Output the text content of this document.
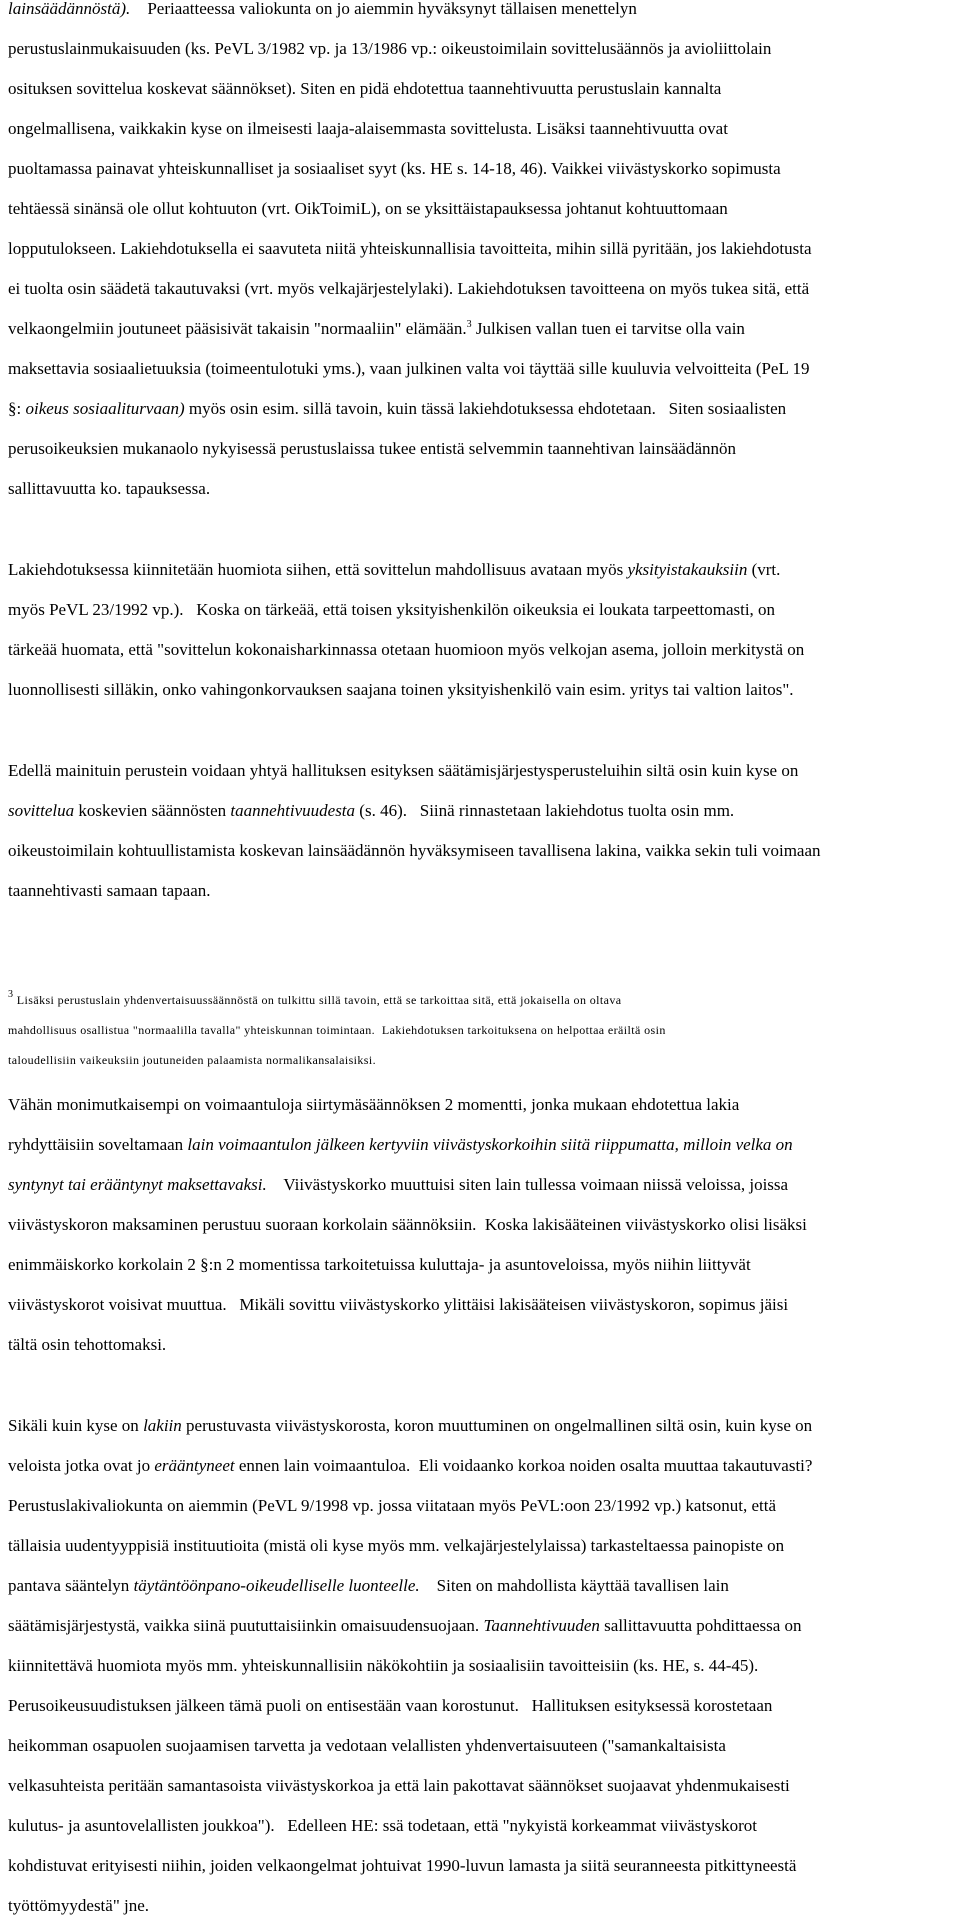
lainsäädännöstä).    Periaatteessa valiokunta on jo aiemmin hyväksynyt tällaisen menettelyn
perustuslainmukaisuuden (ks. PeVL 3/1982 vp. ja 13/1986 vp.: oikeustoimilain sovittelusäännös ja avioliittolain
osituksen sovittelua koskevat säännökset). Siten en pidä ehdotettua taannehtivuutta perustuslain kannalta
ongelmallisena, vaikkakin kyse on ilmeisesti laaja-alaisemmasta sovittelusta. Lisäksi taannehtivuutta ovat
puoltamassa painavat yhteiskunnalliset ja sosiaaliset syyt (ks. HE s. 14-18, 46). Vaikkei viivästyskorko sopimusta
tehtäessä sinänsä ole ollut kohtuuton (vrt. OikToimiL), on se yksittäistapauksessa johtanut kohtuuttomaan
lopputulokseen. Lakiehdotuksella ei saavuteta niitä yhteiskunnallisia tavoitteita, mihin sillä pyritään, jos lakiehdotusta
ei tuolta osin säädetä takautuvaksi (vrt. myös velkajärjestelylaki). Lakiehdotuksen tavoitteena on myös tukea sitä, että
velkaongelmiin joutuneet pääsisivät takaisin "normaaliin" elämään.$^3$ Julkisen vallan tuen ei tarvitse olla vain
maksettavia sosiaalietuuksia (toimeentulotuki yms.), vaan julkinen valta voi täyttää sille kuuluvia velvoitteita (PeL 19
§: oikeus sosiaaliturvaan) myös osin esim. sillä tavoin, kuin tässä lakiehdotuksessa ehdotetaan.   Siten sosiaalisten
perusoikeuksien mukanaolo nykyisessä perustuslaissa tukee entistä selvemmin taannehtivan lainsäädännön
sallittavuutta ko. tapauksessa.

Lakiehdotuksessa kiinnitetään huomiota siihen, että sovittelun mahdollisuus avataan myös yksityistakauksiin (vrt.
myös PeVL 23/1992 vp.).   Koska on tärkeää, että toisen yksityishenkilön oikeuksia ei loukata tarpeettomasti, on
tärkeää huomata, että "sovittelun kokonaisharkinnassa otetaan huomioon myös velkojan asema, jolloin merkitystä on
luonnollisesti silläkin, onko vahingonkorvauksen saajana toinen yksityishenkilö vain esim. yritys tai valtion laitos".

Edellä mainituin perustein voidaan yhtyä hallituksen esityksen säätämisjärjestysperusteluihin siltä osin kuin kyse on
sovittelua koskevien säännösten taannehtivuudesta (s. 46).   Siinä rinnastetaan lakiehdotus tuolta osin mm.
oikeustoimilain kohtuullistamista koskevan lainsäädännön hyväksymiseen tavallisena lakina, vaikka sekin tuli voimaan
taannehtivasti samaan tapaan.

$^3$ Lisäksi perustuslain yhdenvertaisuussäännöstä on tulkittu sillä tavoin, että se tarkoittaa sitä, että jokaisella on oltava
mahdollisuus osallistua "normaalilla tavalla" yhteiskunnan toimintaan.  Lakiehdotuksen tarkoituksena on helpottaa eräiltä osin
taloudellisiin vaikeuksiin joutuneiden palaamista normalikansalaisiksi.

Vähän monimutkaisempi on voimaantuloja siirtymäsäännöksen 2 momentti, jonka mukaan ehdotettua lakia
ryhdyttäisiin soveltamaan lain voimaantulon jälkeen kertyviin viivästyskorkoihin siitä riippumatta, milloin velka on
syntynyt tai erääntynyt maksettavaksi.    Viivästyskorko muuttuisi siten lain tullessa voimaan niissä veloissa, joissa
viivästyskoron maksaminen perustuu suoraan korkolain säännöksiin.  Koska lakisääteinen viivästyskorko olisi lisäksi
enimmäiskorko korkolain 2 §:n 2 momentissa tarkoitetuissa kuluttaja- ja asuntoveloissa, myös niihin liittyvät
viivästyskorot voisivat muuttua.   Mikäli sovittu viivästyskorko ylittäisi lakisääteisen viivästyskoron, sopimus jäisi
tältä osin tehottomaksi.

Sikäli kuin kyse on lakiin perustuvasta viivästyskorosta, koron muuttuminen on ongelmallinen siltä osin, kuin kyse on
veloista jotka ovat jo erääntyneet ennen lain voimaantuloa.  Eli voidaanko korkoa noiden osalta muuttaa takautuvasti?
Perustuslakivaliokunta on aiemmin (PeVL 9/1998 vp. jossa viitataan myös PeVL:oon 23/1992 vp.) katsonut, että
tällaisia uudentyyppisiä instituutioita (mistä oli kyse myös mm. velkajärjestelylaissa) tarkasteltaessa painopiste on
pantava sääntelyn täytäntöönpano-oikeudelliselle luonteelle.    Siten on mahdollista käyttää tavallisen lain
säätämisjärjestystä, vaikka siinä puututtaisiinkin omaisuudensuojaan. Taannehtivuuden sallittavuutta pohdittaessa on
kiinnitettävä huomiota myös mm. yhteiskunnallisiin näkökohtiin ja sosiaalisiin tavoitteisiin (ks. HE, s. 44-45).
Perusoikeusuudistuksen jälkeen tämä puoli on entisestään vaan korostunut.   Hallituksen esityksessä korostetaan
heikomman osapuolen suojaamisen tarvetta ja vedotaan velallisten yhdenvertaisuuteen ("samankaltaisista
velkasuhteista peritään samantasoista viivästyskorkoa ja että lain pakottavat säännökset suojaavat yhdenmukaisesti
kulutus- ja asuntovelallisten joukkoa").   Edelleen HE: ssä todetaan, että "nykyistä korkeammat viivästyskorot
kohdistuvat erityisesti niihin, joiden velkaongelmat johtuivat 1990-luvun lamasta ja siitä seuranneesta pitkittyneestä
työttömyydestä" jne.
